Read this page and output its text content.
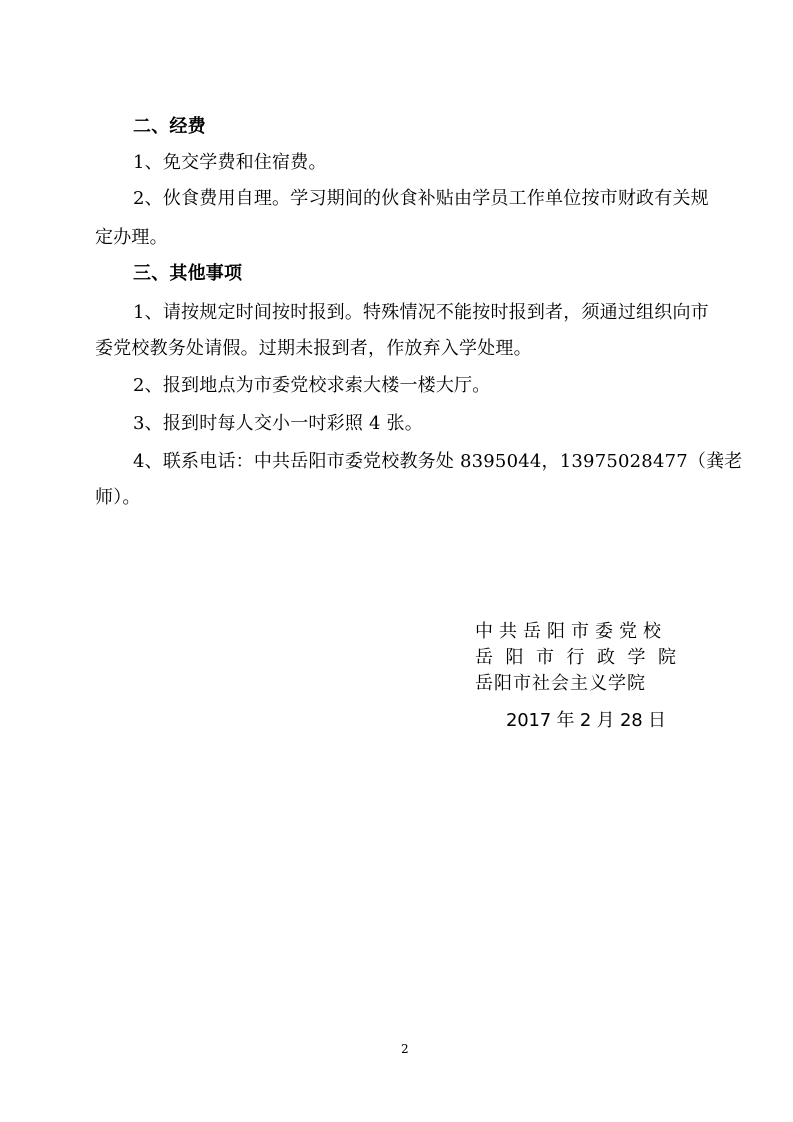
二、经费
1、免交学费和住宿费。
2、伙食费用自理。学习期间的伙食补贴由学员工作单位按市财政有关规
定办理。
三、其他事项
1、请按规定时间按时报到。特殊情况不能按时报到者，须通过组织向市
委党校教务处请假。过期未报到者，作放弃入学处理。
2、报到地点为市委党校求索大楼一楼大厅。
3、报到时每人交小一吋彩照 4 张。
4、联系电话：中共岳阳市委党校教务处 8395044，13975028477（龚老
师）。
中共岳阳市委党校
岳阳市行政学院
岳阳市社会主义学院
2017 年 2 月 28 日
2
